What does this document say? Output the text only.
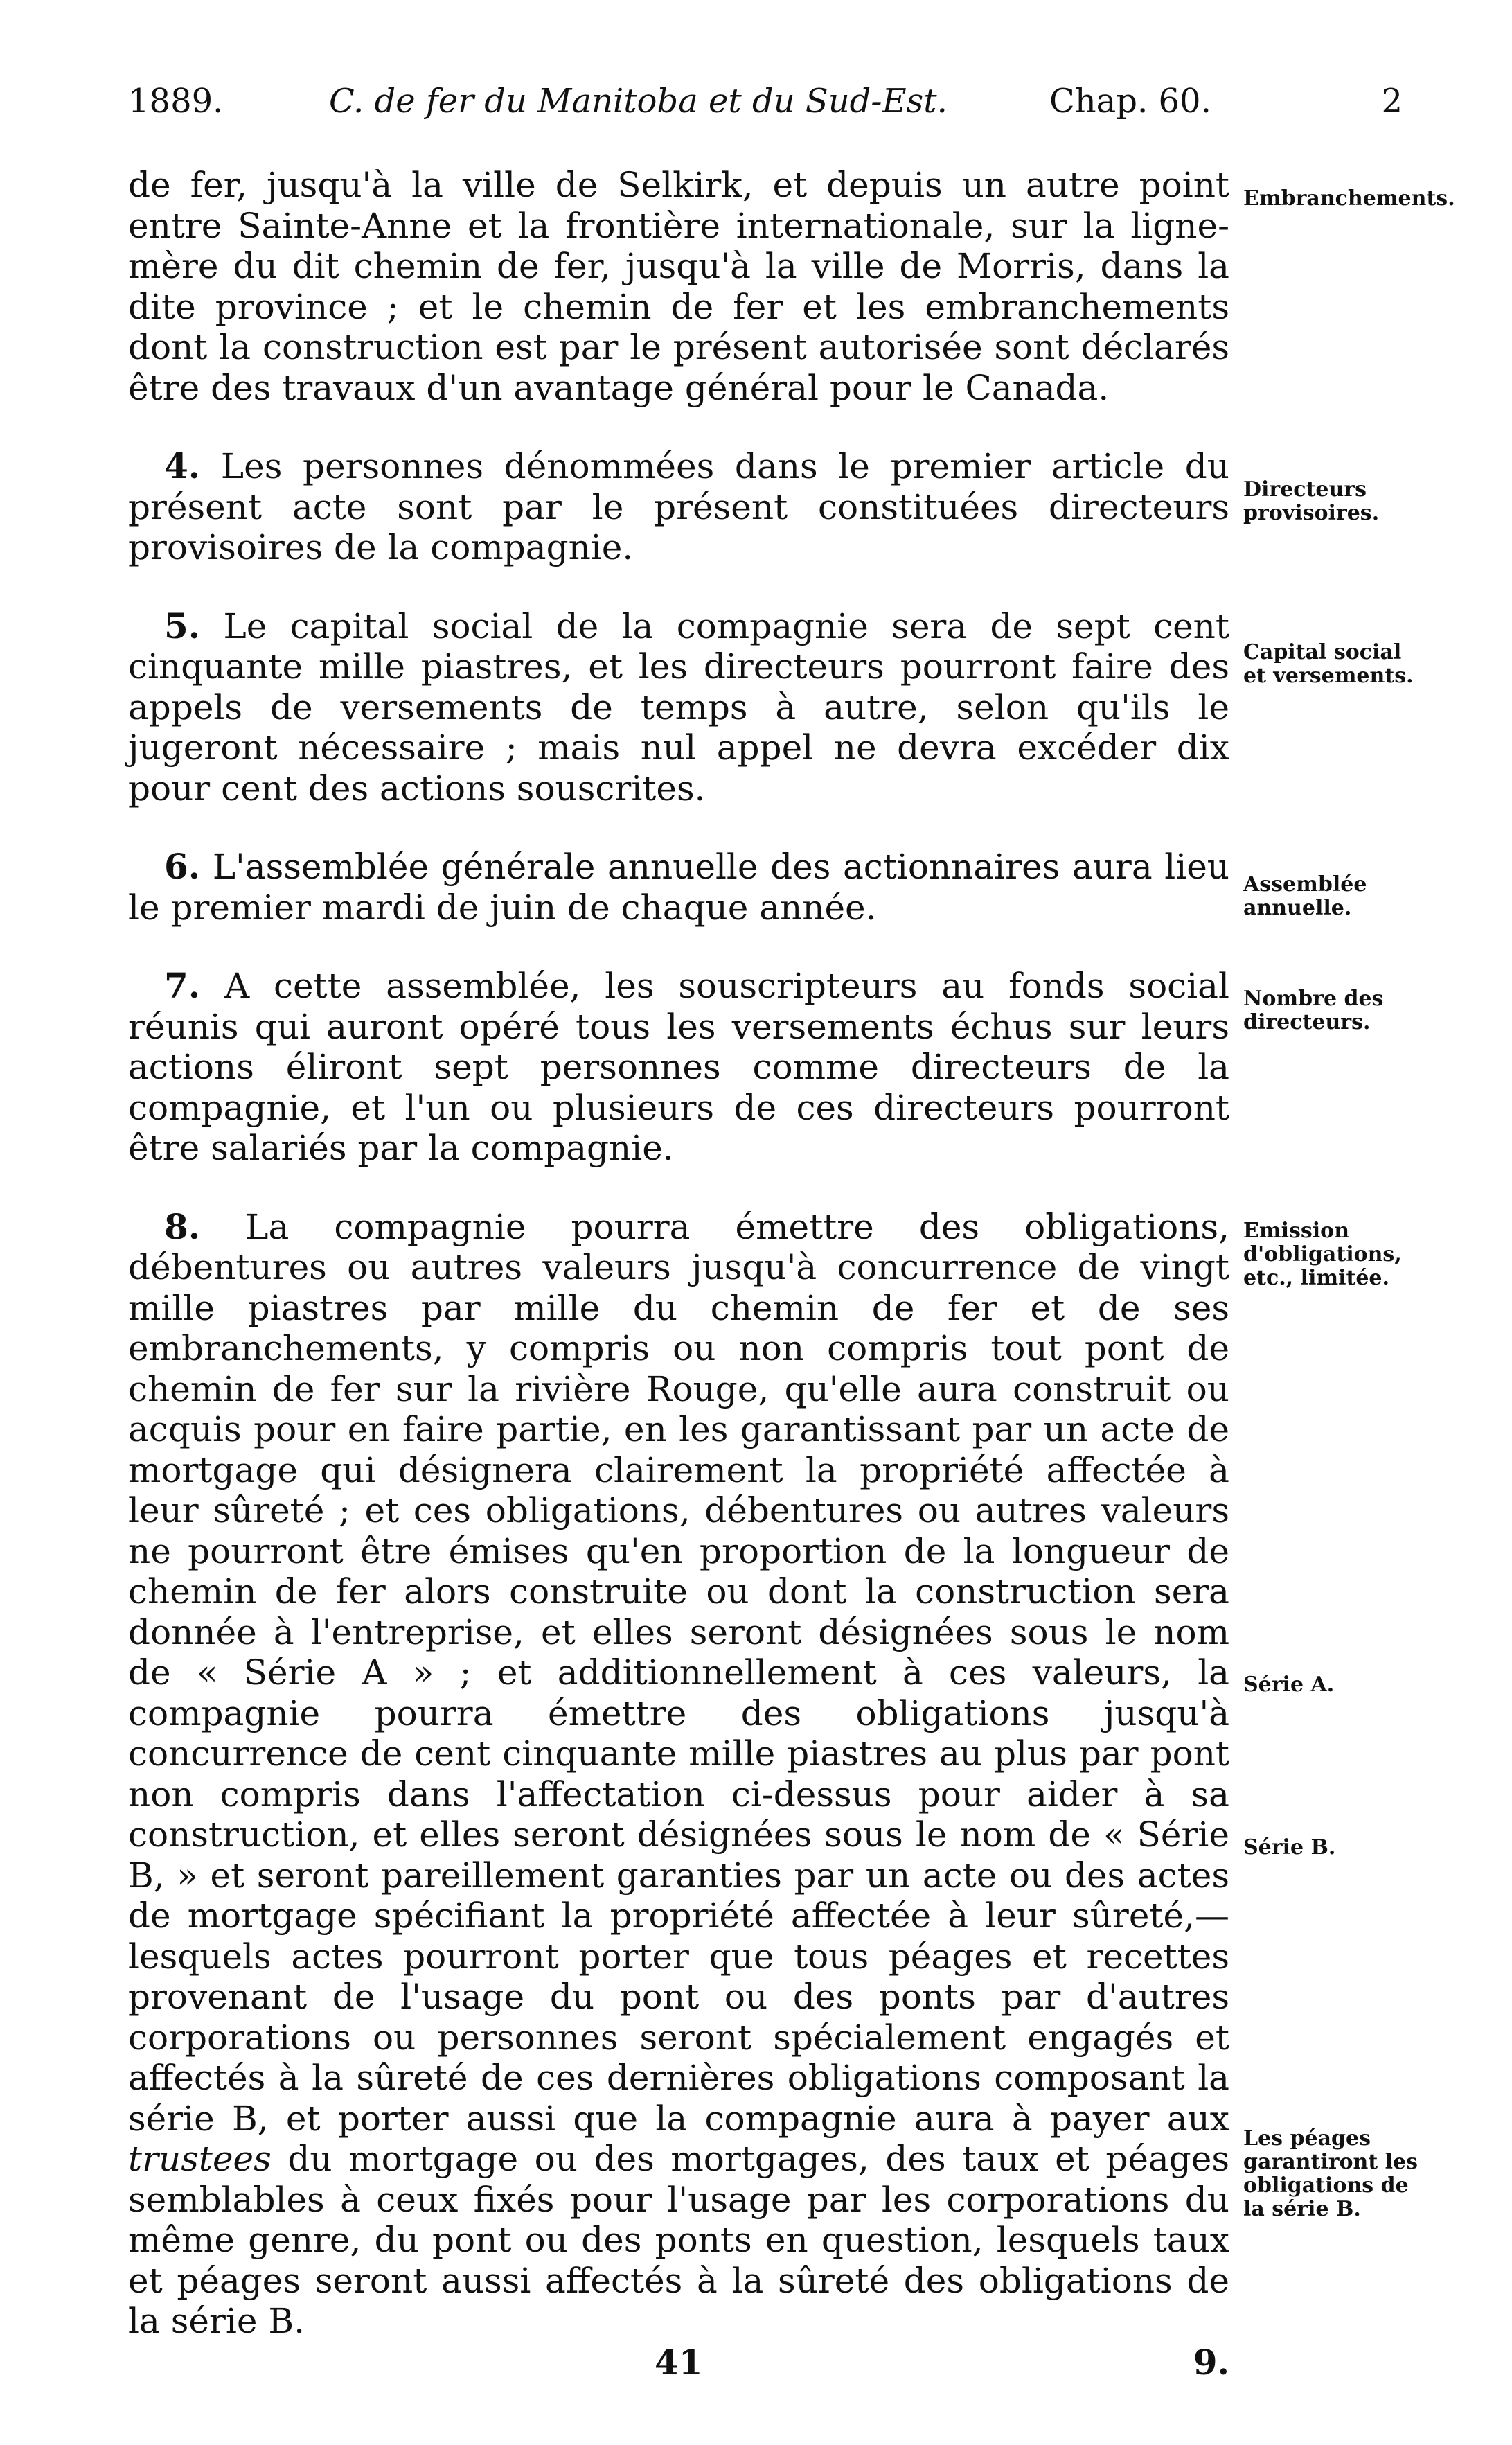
1889.	C. de fer du Manitoba et du Sud-Est.	Chap. 60.	2

de fer, jusqu'à la ville de Selkirk, et depuis un autre point entre Sainte-Anne et la frontière internationale, sur la ligne-mère du dit chemin de fer, jusqu'à la ville de Morris, dans la dite province ; et le chemin de fer et les embranchements dont la construction est par le présent autorisée sont déclarés être des travaux d'un avantage général pour le Canada.

4. Les personnes dénommées dans le premier article du présent acte sont par le présent constituées directeurs provisoires de la compagnie.

5. Le capital social de la compagnie sera de sept cent cinquante mille piastres, et les directeurs pourront faire des appels de versements de temps à autre, selon qu'ils le jugeront nécessaire ; mais nul appel ne devra excéder dix pour cent des actions souscrites.

6. L'assemblée générale annuelle des actionnaires aura lieu le premier mardi de juin de chaque année.

7. A cette assemblée, les souscripteurs au fonds social réunis qui auront opéré tous les versements échus sur leurs actions éliront sept personnes comme directeurs de la compagnie, et l'un ou plusieurs de ces directeurs pourront être salariés par la compagnie.

8. La compagnie pourra émettre des obligations, débentures ou autres valeurs jusqu'à concurrence de vingt mille piastres par mille du chemin de fer et de ses embranchements, y compris ou non compris tout pont de chemin de fer sur la rivière Rouge, qu'elle aura construit ou acquis pour en faire partie, en les garantissant par un acte de mortgage qui désignera clairement la propriété affectée à leur sûreté ; et ces obligations, débentures ou autres valeurs ne pourront être émises qu'en proportion de la longueur de chemin de fer alors construite ou dont la construction sera donnée à l'entreprise, et elles seront désignées sous le nom de « Série A » ; et additionnellement à ces valeurs, la compagnie pourra émettre des obligations jusqu'à concurrence de cent cinquante mille piastres au plus par pont non compris dans l'affectation ci-dessus pour aider à sa construction, et elles seront désignées sous le nom de « Série B, » et seront pareillement garanties par un acte ou des actes de mortgage spécifiant la propriété affectée à leur sûreté,—lesquels actes pourront porter que tous péages et recettes provenant de l'usage du pont ou des ponts par d'autres corporations ou personnes seront spécialement engagés et affectés à la sûreté de ces dernières obligations composant la série B, et porter aussi que la compagnie aura à payer aux trustees du mortgage ou des mortgages, des taux et péages semblables à ceux fixés pour l'usage par les corporations du même genre, du pont ou des ponts en question, lesquels taux et péages seront aussi affectés à la sûreté des obligations de la série B.

Embranchements.
Directeurs provisoires.
Capital social et versements.
Assemblée annuelle.
Nombre des directeurs.
Emission d'obligations, etc., limitée.
Série A.
Série B.
Les péages garantiront les obligations de la série B.
41	9.
